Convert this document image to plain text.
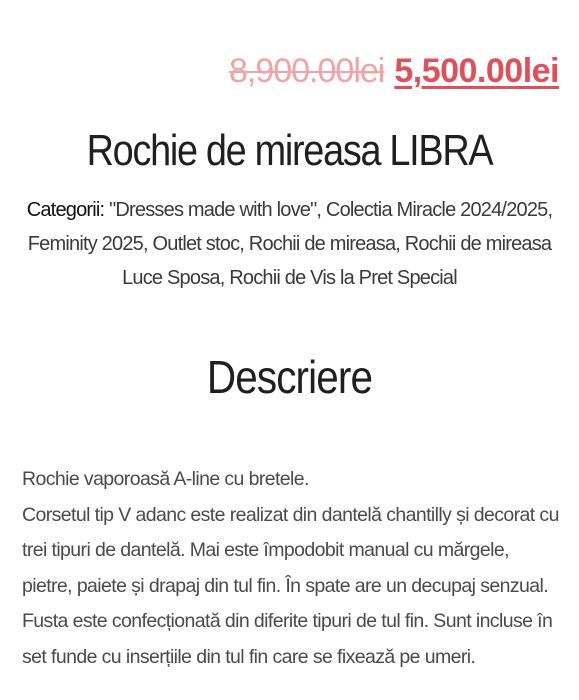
8,900.00lei 5,500.00lei
Rochie de mireasa LIBRA
Categorii: "Dresses made with love", Colectia Miracle 2024/2025, Feminity 2025, Outlet stoc, Rochii de mireasa, Rochii de mireasa Luce Sposa, Rochii de Vis la Pret Special
Descriere

Rochie vaporoasă A-line cu bretele.

Corsetul tip V adanc este realizat din dantelă chantilly și decorat cu trei tipuri de dantelă. Mai este împodobit manual cu mărgele, pietre, paiete și drapaj din tul fin. În spate are un decupaj senzual. Fusta este confecționată din diferite tipuri de tul fin. Sunt incluse în set funde cu inserțiile din tul fin care se fixează pe umeri.
